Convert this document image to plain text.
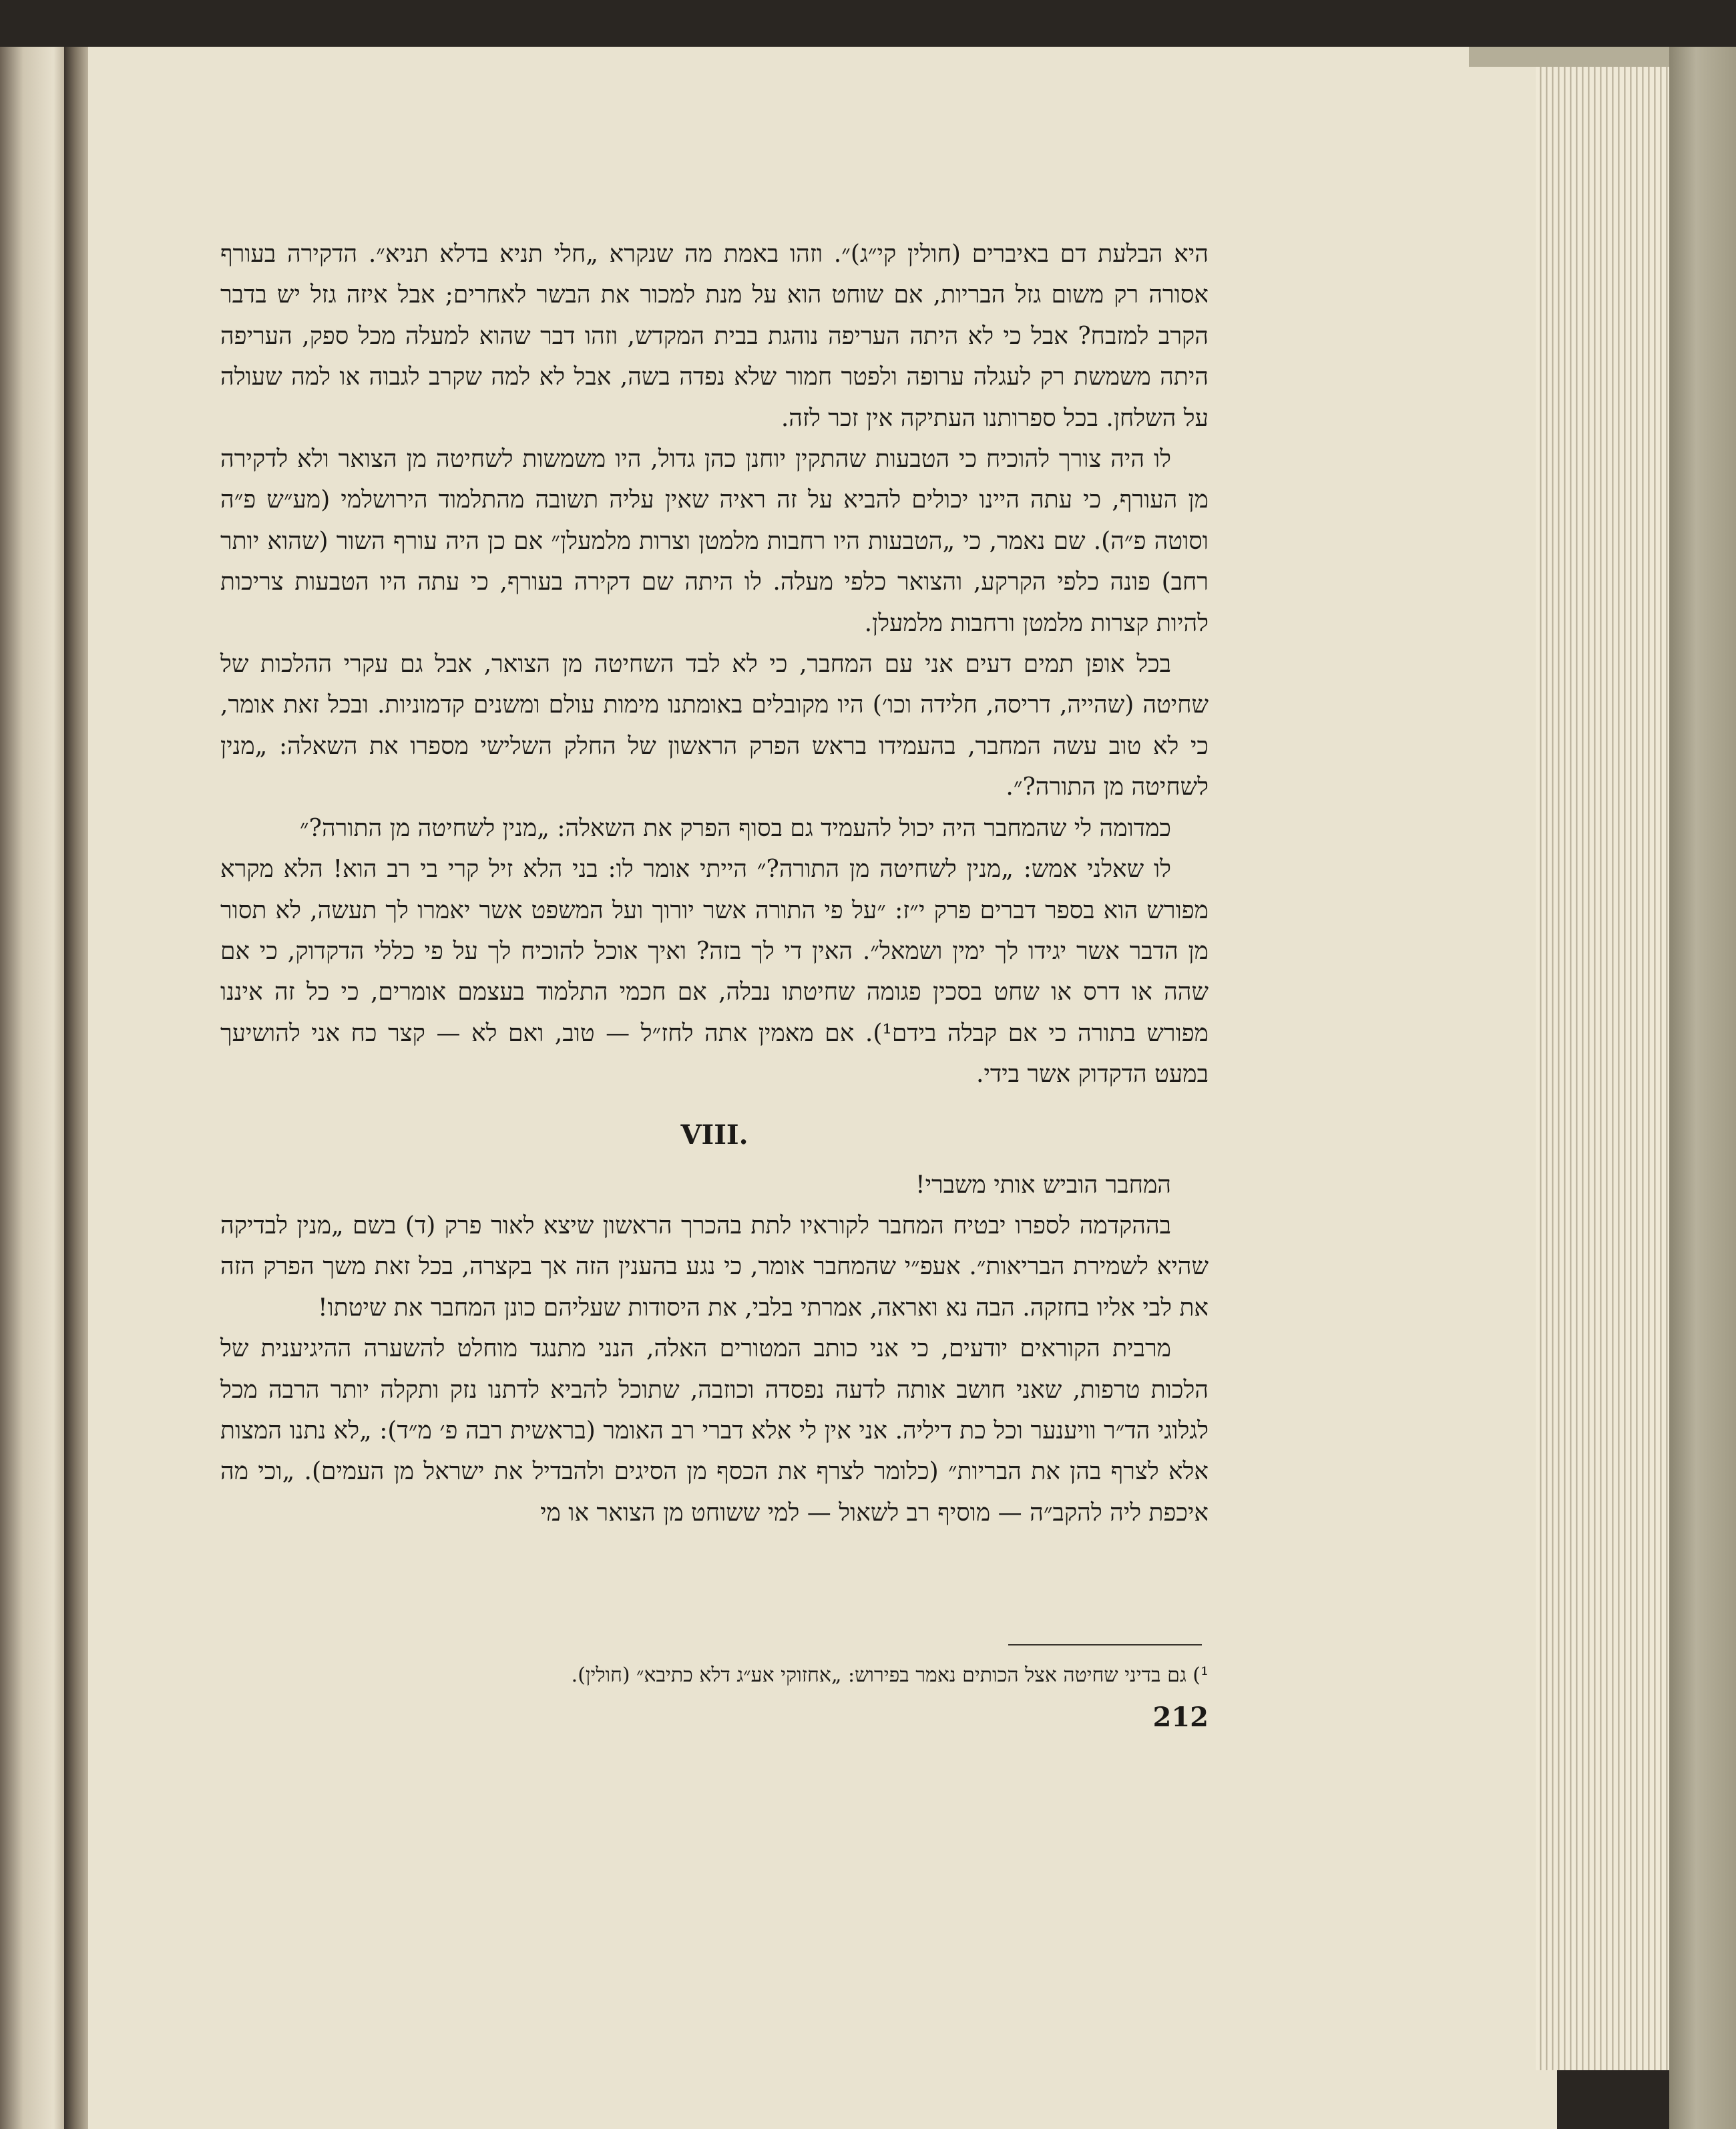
היא הבלעת דם באיברים (חולין קי״ג)״. וזהו באמת מה שנקרא „חלי תניא בדלא תניא״. הדקירה בעורף אסורה רק משום גזל הבריות, אם שוחט הוא על מנת למכור את הבשר לאחרים; אבל איזה גזל יש בדבר הקרב למזבח? אבל כי לא היתה העריפה נוהגת בבית המקדש, וזהו דבר שהוא למעלה מכל ספק, העריפה היתה משמשת רק לעגלה ערופה ולפטר חמור שלא נפדה בשה, אבל לא למה שקרב לגבוה או למה שעולה על השלחן. בכל ספרותנו העתיקה אין זכר לזה.

לו היה צורך להוכיח כי הטבעות שהתקין יוחנן כהן גדול, היו משמשות לשחיטה מן הצואר ולא לדקירה מן העורף, כי עתה היינו יכולים להביא על זה ראיה שאין עליה תשובה מהתלמוד הירושלמי (מע״ש פ״ה וסוטה פ״ה). שם נאמר, כי „הטבעות היו רחבות מלמטן וצרות מלמעלן״ אם כן היה עורף השור (שהוא יותר רחב) פונה כלפי הקרקע, והצואר כלפי מעלה. לו היתה שם דקירה בעורף, כי עתה היו הטבעות צריכות להיות קצרות מלמטן ורחבות מלמעלן.

בכל אופן תמים דעים אני עם המחבר, כי לא לבד השחיטה מן הצואר, אבל גם עקרי ההלכות של שחיטה (שהייה, דריסה, חלידה וכו׳) היו מקובלים באומתנו מימות עולם ומשנים קדמוניות. ובכל זאת אומר, כי לא טוב עשה המחבר, בהעמידו בראש הפרק הראשון של החלק השלישי מספרו את השאלה: „מנין לשחיטה מן התורה?״.

כמדומה לי שהמחבר היה יכול להעמיד גם בסוף הפרק את השאלה: „מנין לשחיטה מן התורה?״

לו שאלני אמש: „מנין לשחיטה מן התורה?״ הייתי אומר לו: בני הלא זיל קרי בי רב הוא! הלא מקרא מפורש הוא בספר דברים פרק י״ז: ״על פי התורה אשר יורוך ועל המשפט אשר יאמרו לך תעשה, לא תסור מן הדבר אשר יגידו לך ימין ושמאל״. האין די לך בזה? ואיך אוכל להוכיח לך על פי כללי הדקדוק, כי אם שהה או דרס או שחט בסכין פגומה שחיטתו נבלה, אם חכמי התלמוד בעצמם אומרים, כי כל זה איננו מפורש בתורה כי אם קבלה בידם¹). אם מאמין אתה לחז״ל — טוב, ואם לא — קצר כח אני להושיעך במעט הדקדוק אשר בידי.

VIII.

המחבר הוביש אותי משברי!

בההקדמה לספרו יבטיח המחבר לקוראיו לתת בהכרך הראשון שיצא לאור פרק (ד) בשם „מנין לבדיקה שהיא לשמירת הבריאות״. אעפ״י שהמחבר אומר, כי נגע בהענין הזה אך בקצרה, בכל זאת משך הפרק הזה את לבי אליו בחזקה. הבה נא ואראה, אמרתי בלבי, את היסודות שעליהם כונן המחבר את שיטתו!

מרבית הקוראים יודעים, כי אני כותב המטורים האלה, הנני מתנגד מוחלט להשערה ההיגיענית של הלכות טרפות, שאני חושב אותה לדעה נפסדה וכוזבה, שתוכל להביא לדתנו נזק ותקלה יותר הרבה מכל לגלוגי הד״ר וויענער וכל כת דיליה. אני אין לי אלא דברי רב האומר (בראשית רבה פ׳ מ״ד): „לא נתנו המצות אלא לצרף בהן את הבריות״ (כלומר לצרף את הכסף מן הסיגים ולהבדיל את ישראל מן העמים). „וכי מה איכפת ליה להקב״ה — מוסיף רב לשאול — למי ששוחט מן הצואר או מי

¹) גם בדיני שחיטה אצל הכותים נאמר בפירוש: „אחזוקי אע״ג דלא כתיבא״ (חולין).
212
